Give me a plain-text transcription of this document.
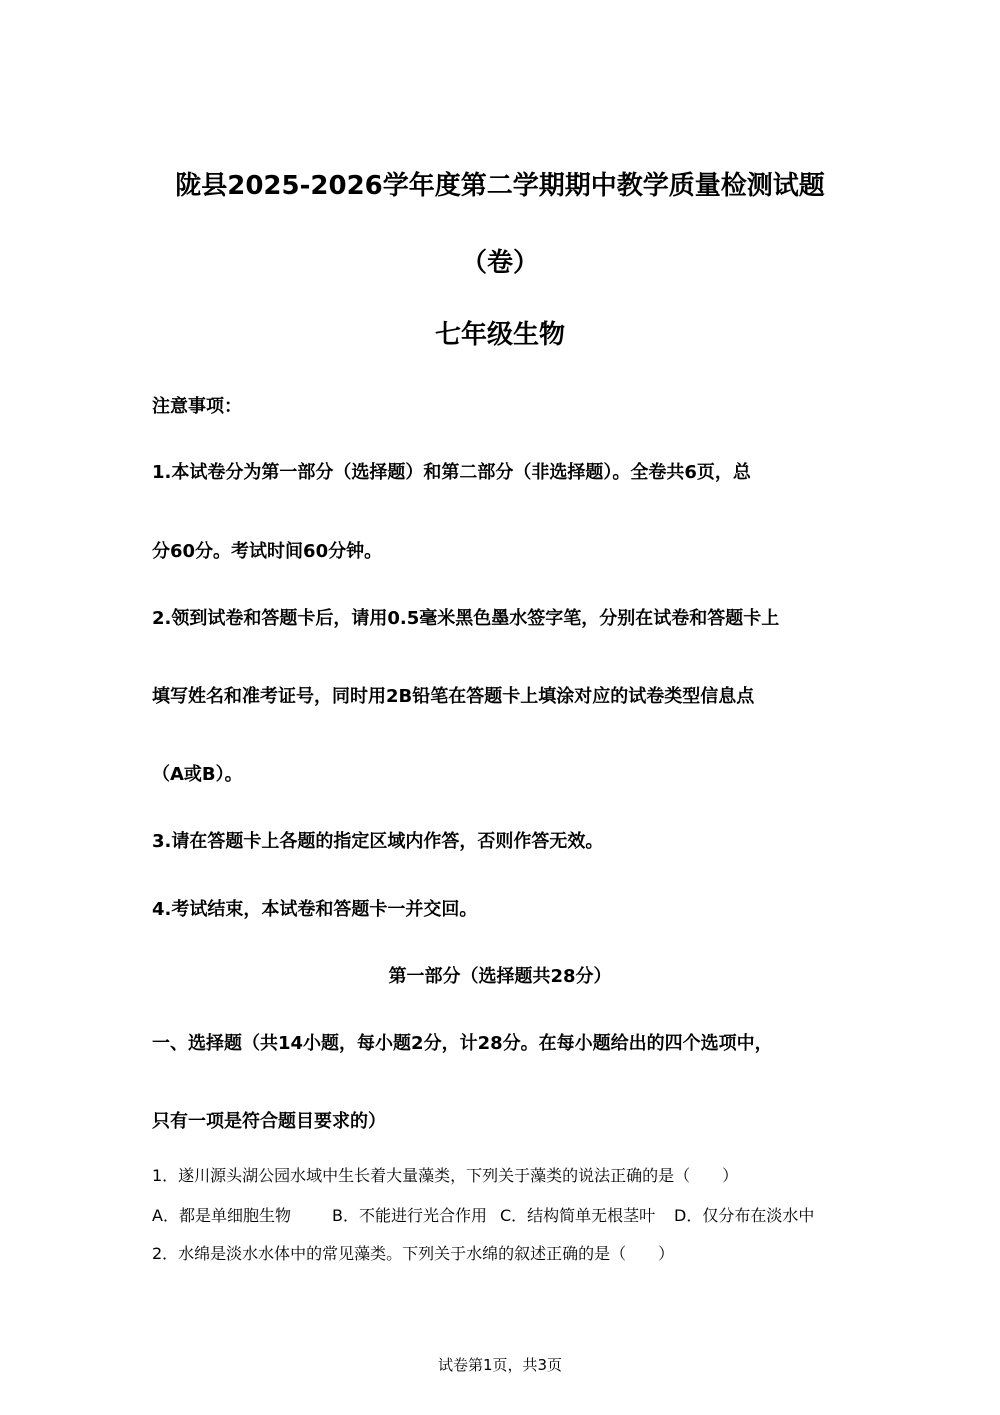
陇县2025-2026学年度第二学期期中教学质量检测试题
（卷）
七年级生物
注意事项：
1.本试卷分为第一部分（选择题）和第二部分（非选择题）。全卷共6页，总
分60分。考试时间60分钟。
2.领到试卷和答题卡后，请用0.5毫米黑色墨水签字笔，分别在试卷和答题卡上
填写姓名和准考证号，同时用2B铅笔在答题卡上填涂对应的试卷类型信息点
（A或B）。
3.请在答题卡上各题的指定区域内作答，否则作答无效。
4.考试结束，本试卷和答题卡一并交回。
第一部分（选择题共28分）
一、选择题（共14小题，每小题2分，计28分。在每小题给出的四个选项中，
只有一项是符合题目要求的）
1．遂川源头湖公园水域中生长着大量藻类，下列关于藻类的说法正确的是（　　）
A．都是单细胞生物	B．不能进行光合作用 C．结构简单无根茎叶 D．仅分布在淡水中
2．水绵是淡水水体中的常见藻类。下列关于水绵的叙述正确的是（　　）
试卷第1页，共3页
